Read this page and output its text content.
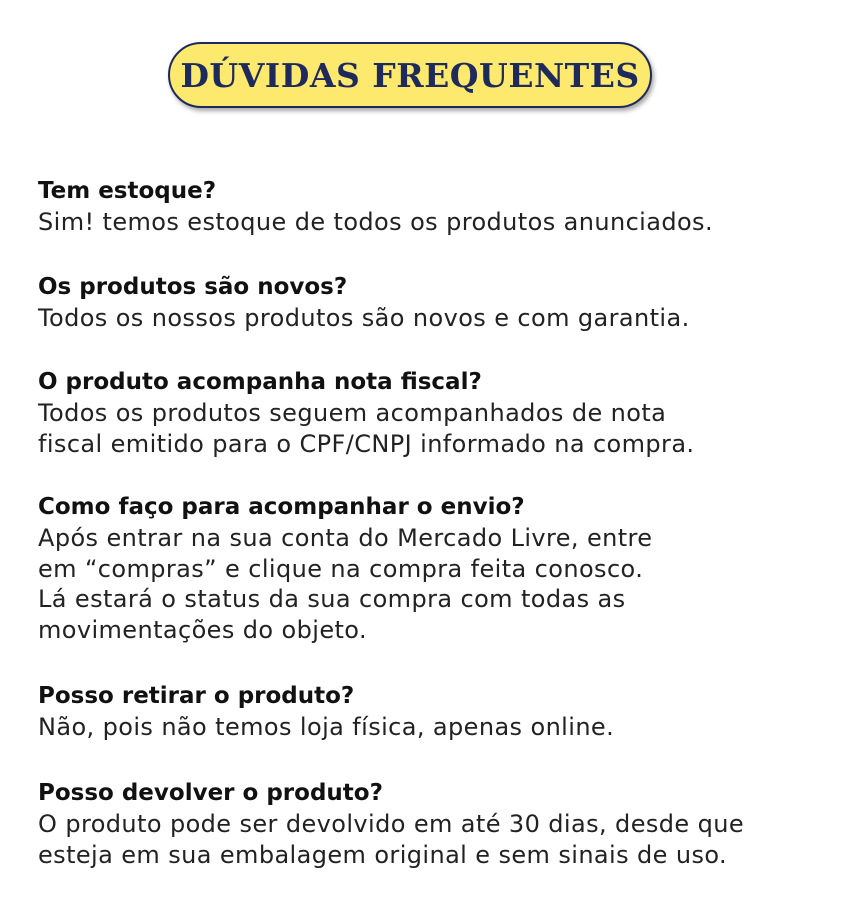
DÚVIDAS FREQUENTES
Tem estoque?
Sim! temos estoque de todos os produtos anunciados.
Os produtos são novos?
Todos os nossos produtos são novos e com garantia.
O produto acompanha nota fiscal?
Todos os produtos seguem acompanhados de nota
fiscal emitido para o CPF/CNPJ informado na compra.
Como faço para acompanhar o envio?
Após entrar na sua conta do Mercado Livre, entre
em “compras” e clique na compra feita conosco.
Lá estará o status da sua compra com todas as
movimentações do objeto.
Posso retirar o produto?
Não, pois não temos loja física, apenas online.
Posso devolver o produto?
O produto pode ser devolvido em até 30 dias, desde que
esteja em sua embalagem original e sem sinais de uso.
